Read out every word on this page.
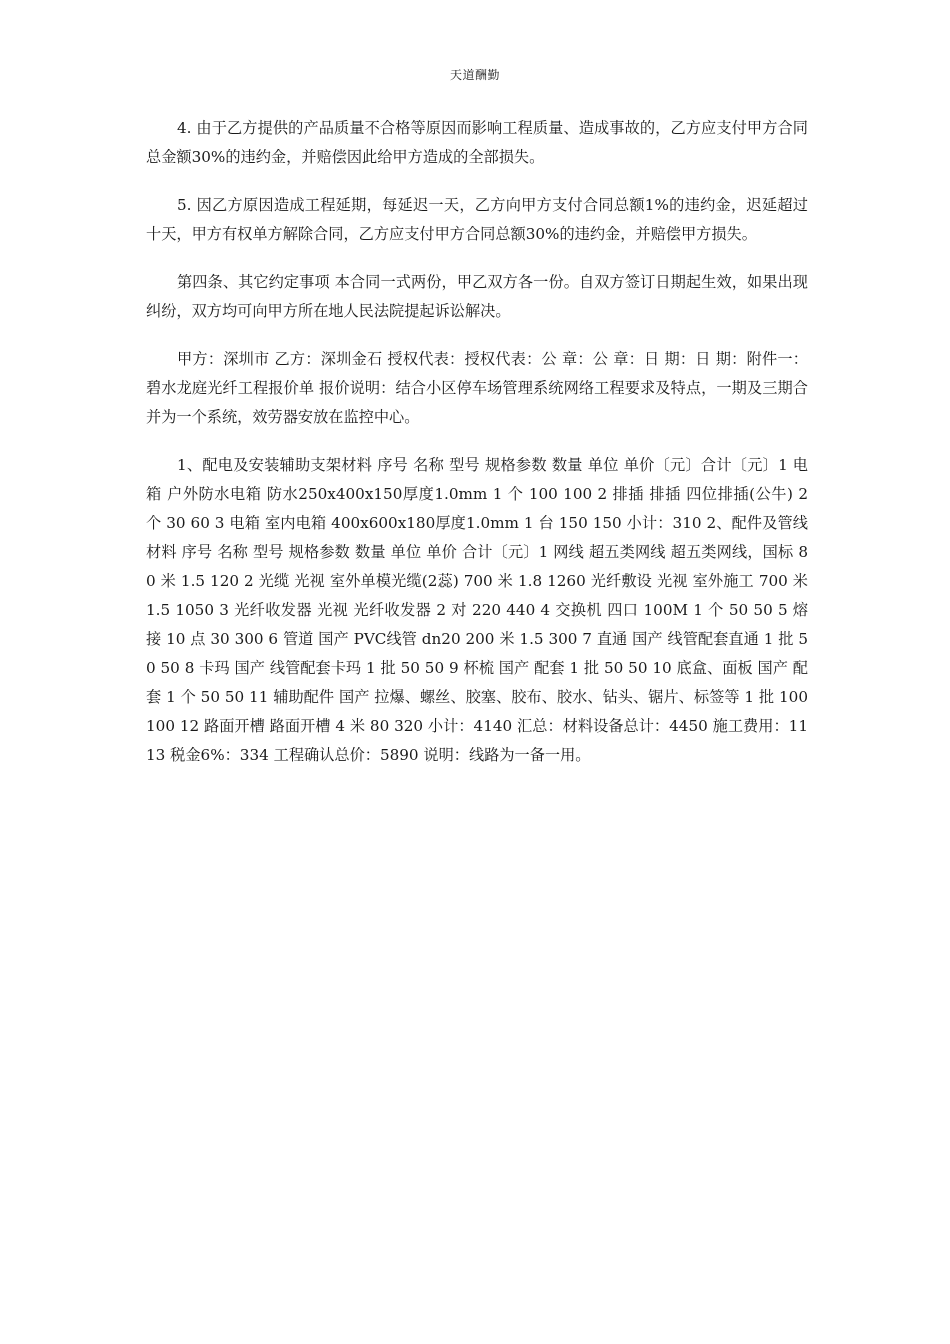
天道酬勤

4. 由于乙方提供的产品质量不合格等原因而影响工程质量、造成事故的，乙方应支付甲方合同总金额30%的违约金，并赔偿因此给甲方造成的全部损失。

5. 因乙方原因造成工程延期，每延迟一天，乙方向甲方支付合同总额1%的违约金，迟延超过十天，甲方有权单方解除合同，乙方应支付甲方合同总额30%的违约金，并赔偿甲方损失。

第四条、其它约定事项 本合同一式两份，甲乙双方各一份。自双方签订日期起生效，如果出现纠纷，双方均可向甲方所在地人民法院提起诉讼解决。

甲方：深圳市 乙方：深圳金石 授权代表：授权代表：公 章：公 章：日 期：日 期：附件一：碧水龙庭光纤工程报价单 报价说明：结合小区停车场管理系统网络工程要求及特点，一期及三期合并为一个系统，效劳器安放在监控中心。

1、配电及安装辅助支架材料 序号 名称 型号 规格参数 数量 单位 单价〔元〕合计〔元〕1 电箱 户外防水电箱 防水250x400x150厚度1.0mm 1 个 100 100 2 排插 排插 四位排插(公牛) 2 个 30 60 3 电箱 室内电箱 400x600x180厚度1.0mm 1 台 150 150 小计：310 2、配件及管线材料 序号 名称 型号 规格参数 数量 单位 单价 合计〔元〕1 网线 超五类网线 超五类网线，国标 80 米 1.5 120 2 光缆 光视 室外单模光缆(2蕊) 700 米 1.8 1260 光纤敷设 光视 室外施工 700 米 1.5 1050 3 光纤收发器 光视 光纤收发器 2 对 220 440 4 交换机 四口 100M 1 个 50 50 5 熔接 10 点 30 300 6 管道 国产 PVC线管 dn20 200 米 1.5 300 7 直通 国产 线管配套直通 1 批 50 50 8 卡玛 国产 线管配套卡玛 1 批 50 50 9 杯梳 国产 配套 1 批 50 50 10 底盒、面板 国产 配套 1 个 50 50 11 辅助配件 国产 拉爆、螺丝、胶塞、胶布、胶水、钻头、锯片、标签等 1 批 100 100 12 路面开槽 路面开槽 4 米 80 320 小计：4140 汇总：材料设备总计：4450 施工费用：1113 税金6%：334 工程确认总价：5890 说明：线路为一备一用。
